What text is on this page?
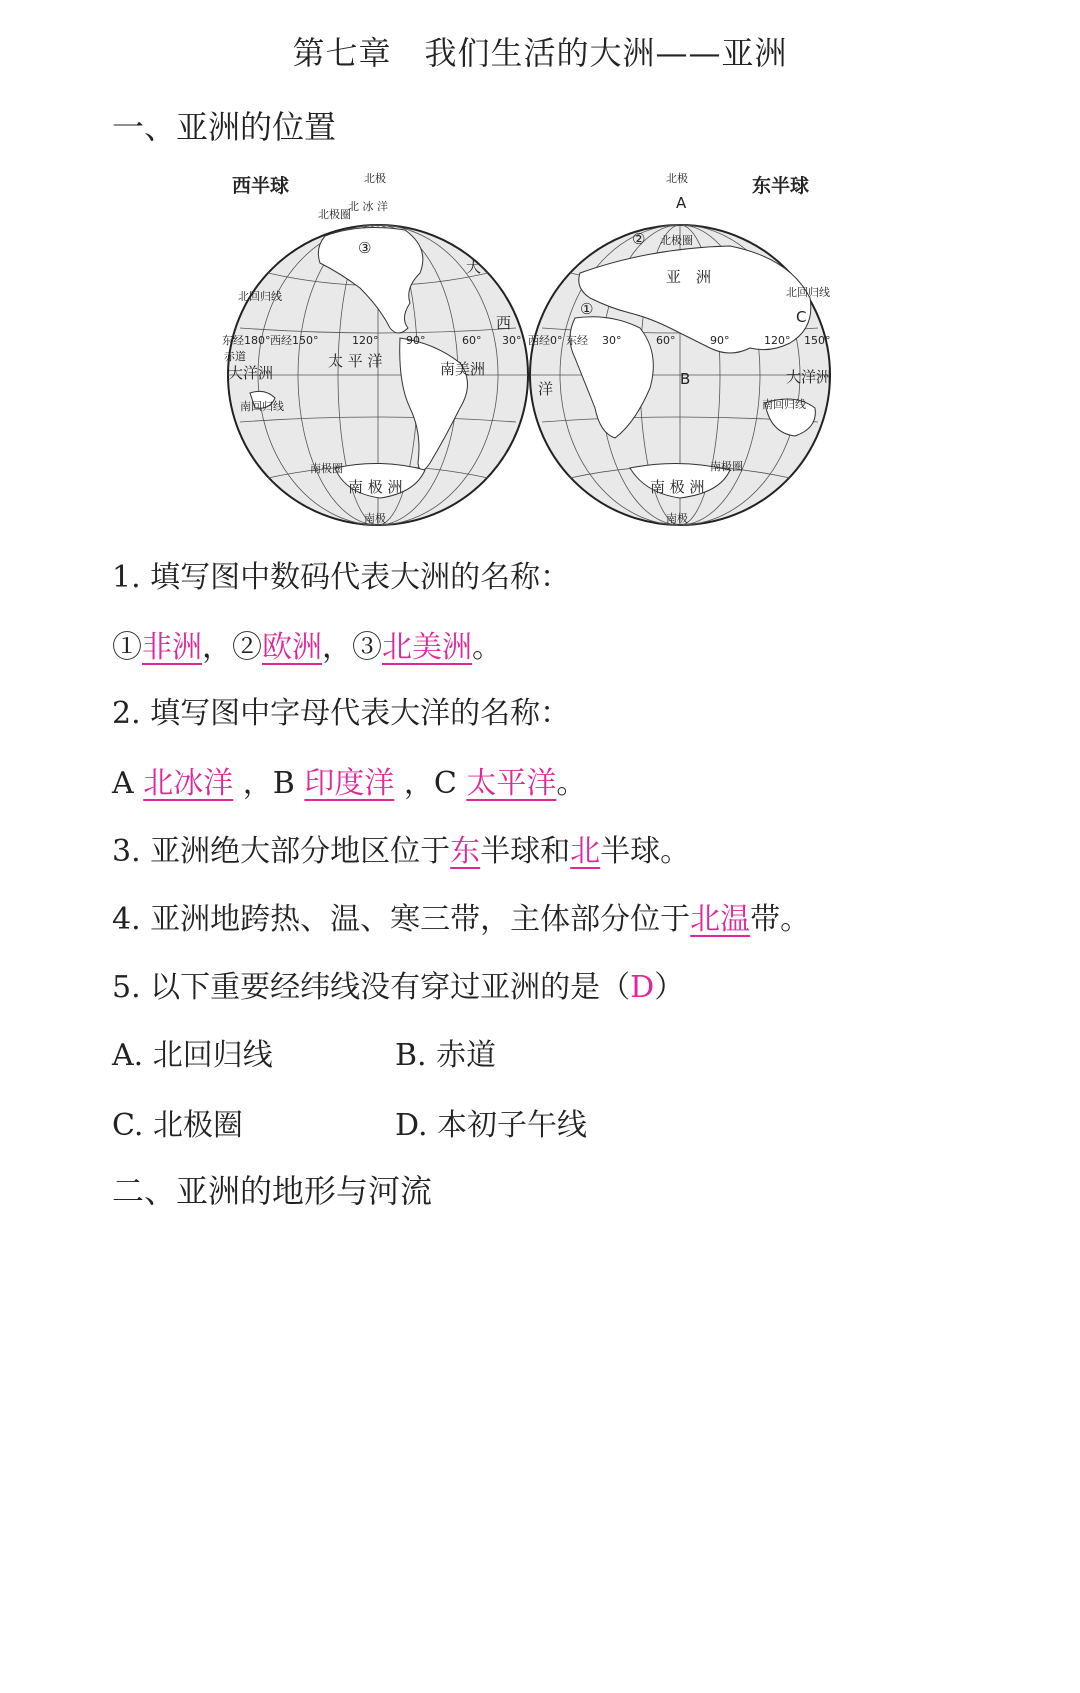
第七章　我们生活的大洲——亚洲
一、亚洲的位置
西半球	北极
南极
北 冰 洋
③
北回归线
东经180° 西经150°	120°	90°	60° 30°
赤道
大洋洲
太 平 洋	南美洲
大
西
南回归线
南极圈
南 极 洲
北极圈
东半球
北极
南极
A
② 北极圈
亚　洲
①
北回归线
C
西经0° 东经 30°	60°	90°	120° 150°
洋
B	大洋洲
南回归线
南极圈
南 极 洲
1. 填写图中数码代表大洲的名称：
①非洲，②欧洲，③北美洲。
2. 填写图中字母代表大洋的名称：
A 北冰洋 ，B 印度洋 ，C 太平洋。
3. 亚洲绝大部分地区位于东半球和北半球。
4. 亚洲地跨热、温、寒三带，主体部分位于北温带。
5. 以下重要经纬线没有穿过亚洲的是（D）
A. 北回归线	B. 赤道
C. 北极圈	D. 本初子午线
二、亚洲的地形与河流
